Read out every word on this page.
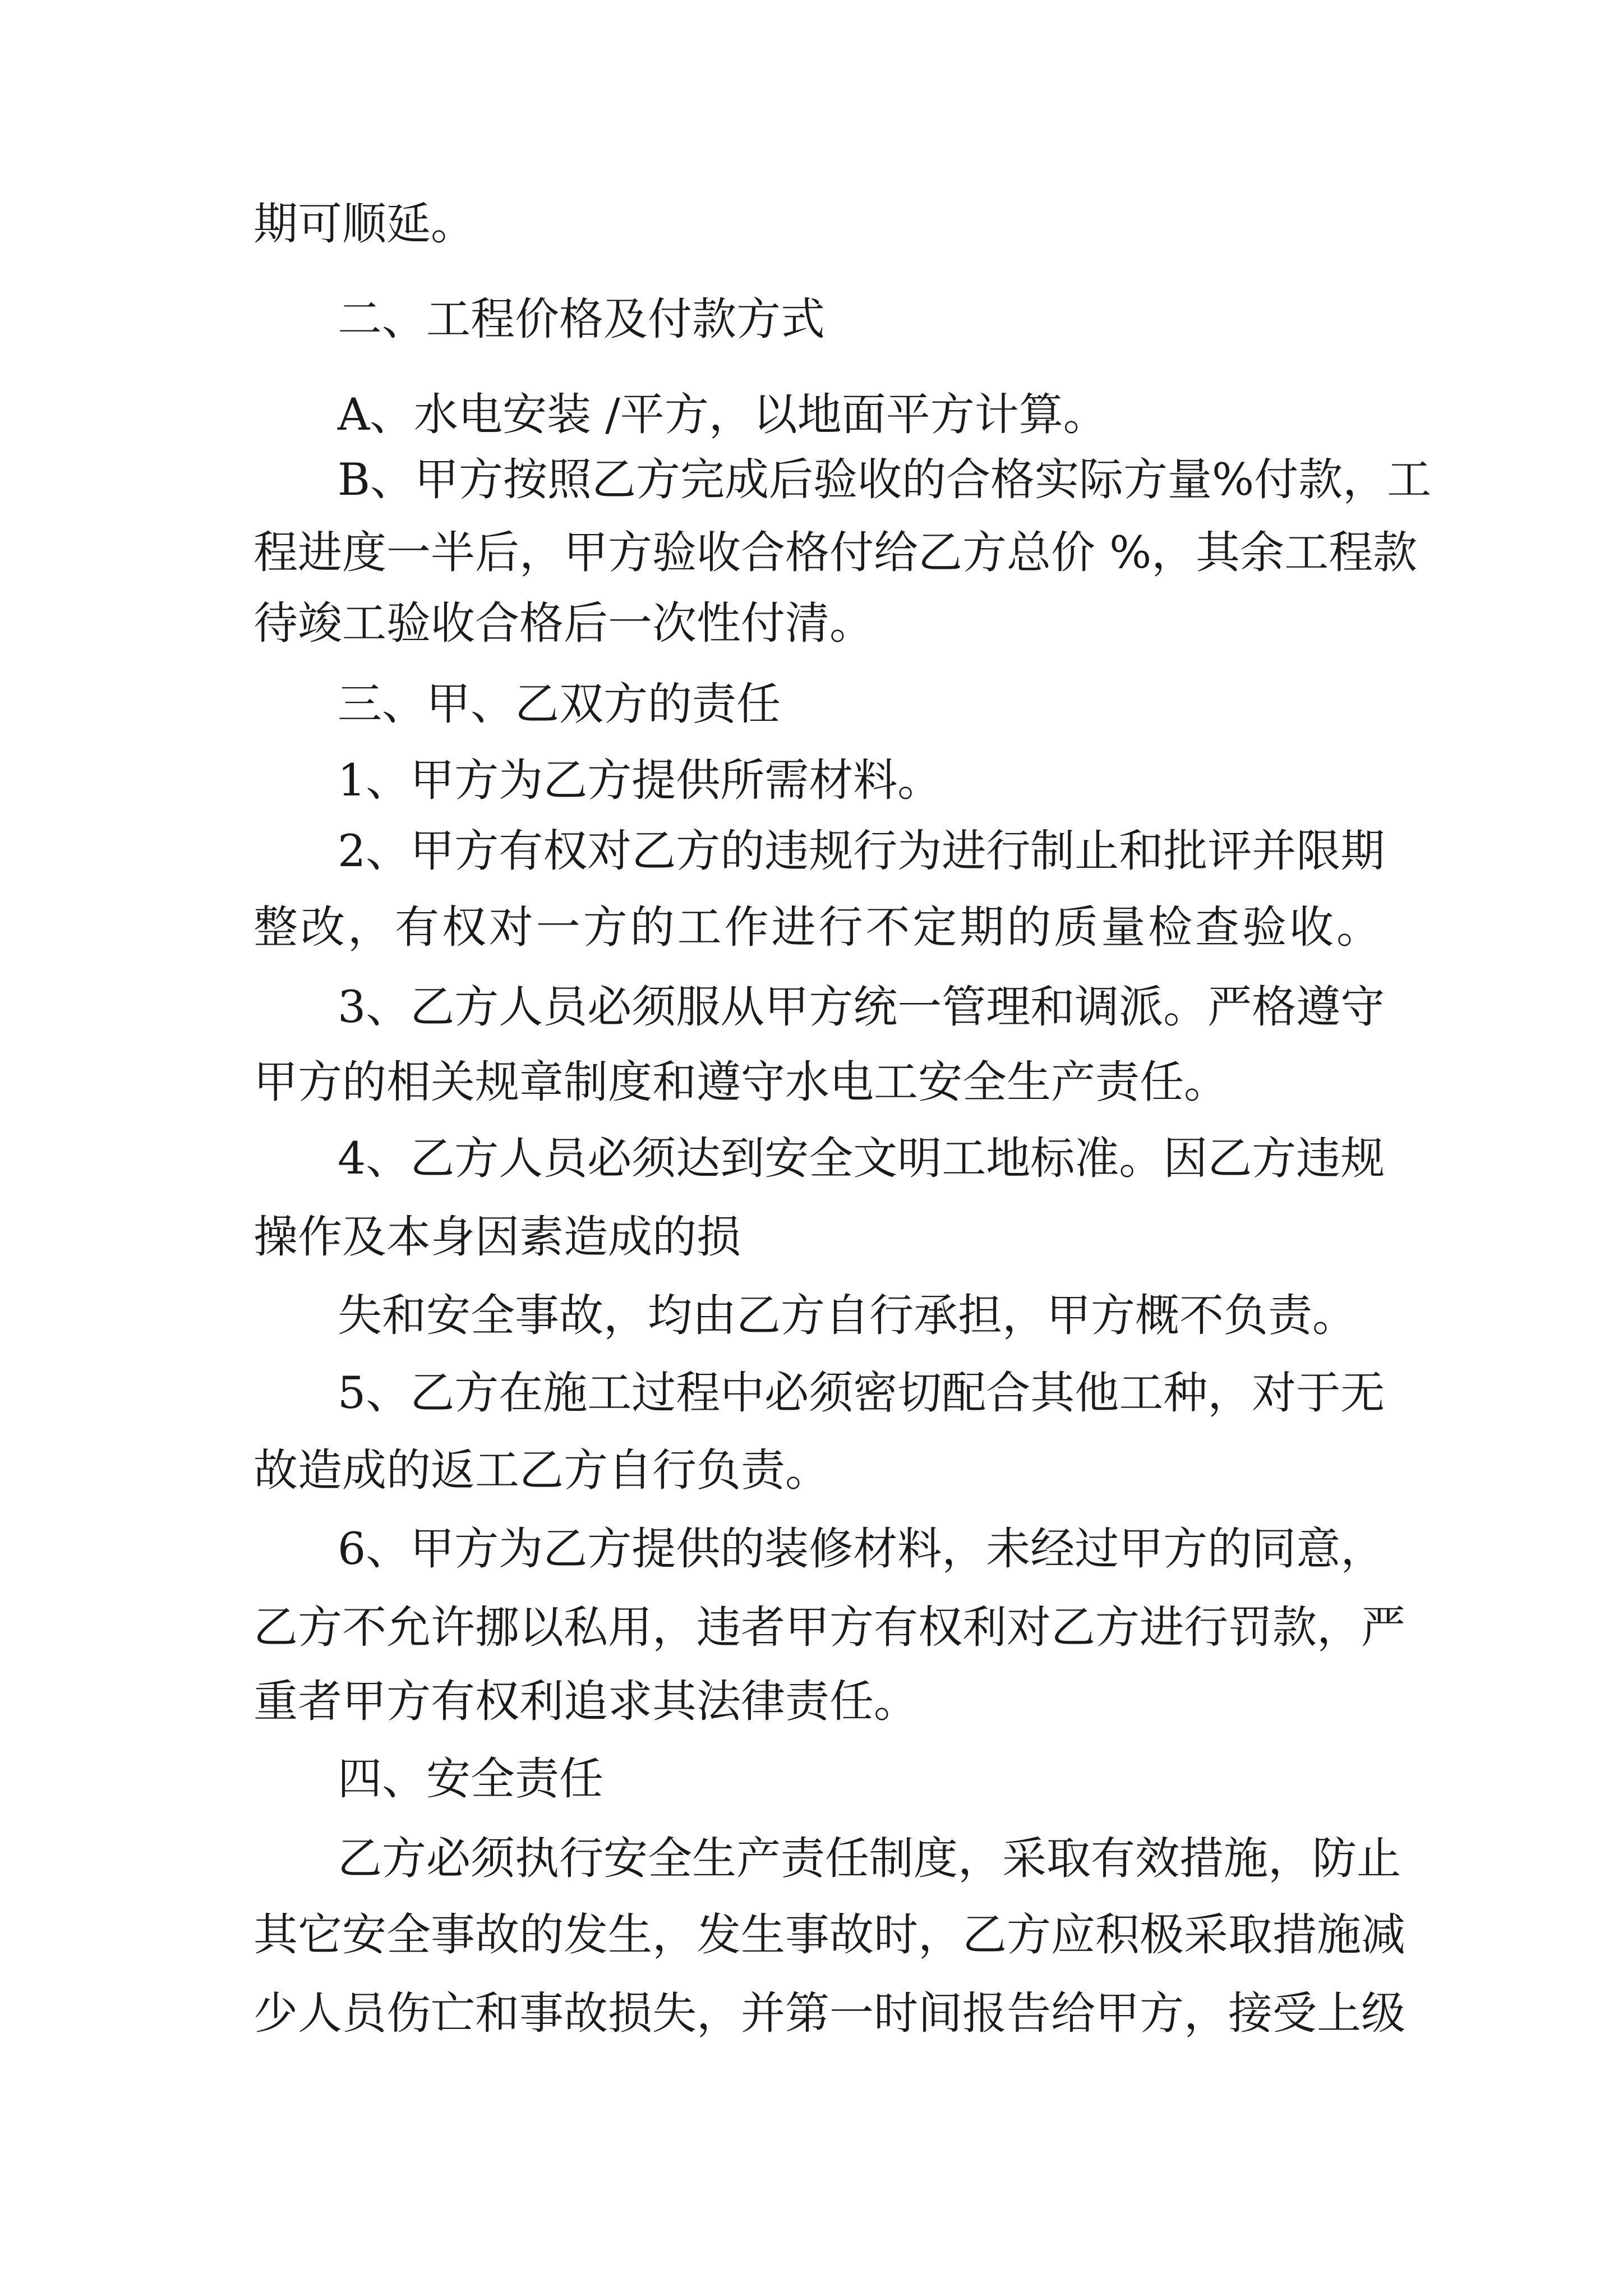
期可顺延。
二、工程价格及付款方式
A、水电安装 /平方，以地面平方计算。
B、甲方按照乙方完成后验收的合格实际方量%付款，工
程进度一半后，甲方验收合格付给乙方总价 %，其余工程款
待竣工验收合格后一次性付清。
三、甲、乙双方的责任
1、甲方为乙方提供所需材料。
2、甲方有权对乙方的违规行为进行制止和批评并限期
整改，有权对一方的工作进行不定期的质量检查验收。
3、乙方人员必须服从甲方统一管理和调派。严格遵守
甲方的相关规章制度和遵守水电工安全生产责任。
4、乙方人员必须达到安全文明工地标准。因乙方违规
操作及本身因素造成的损
失和安全事故，均由乙方自行承担，甲方概不负责。
5、乙方在施工过程中必须密切配合其他工种，对于无
故造成的返工乙方自行负责。
6、甲方为乙方提供的装修材料，未经过甲方的同意，
乙方不允许挪以私用，违者甲方有权利对乙方进行罚款，严
重者甲方有权利追求其法律责任。
四、安全责任
乙方必须执行安全生产责任制度，采取有效措施，防止
其它安全事故的发生，发生事故时，乙方应积极采取措施减
少人员伤亡和事故损失，并第一时间报告给甲方，接受上级
